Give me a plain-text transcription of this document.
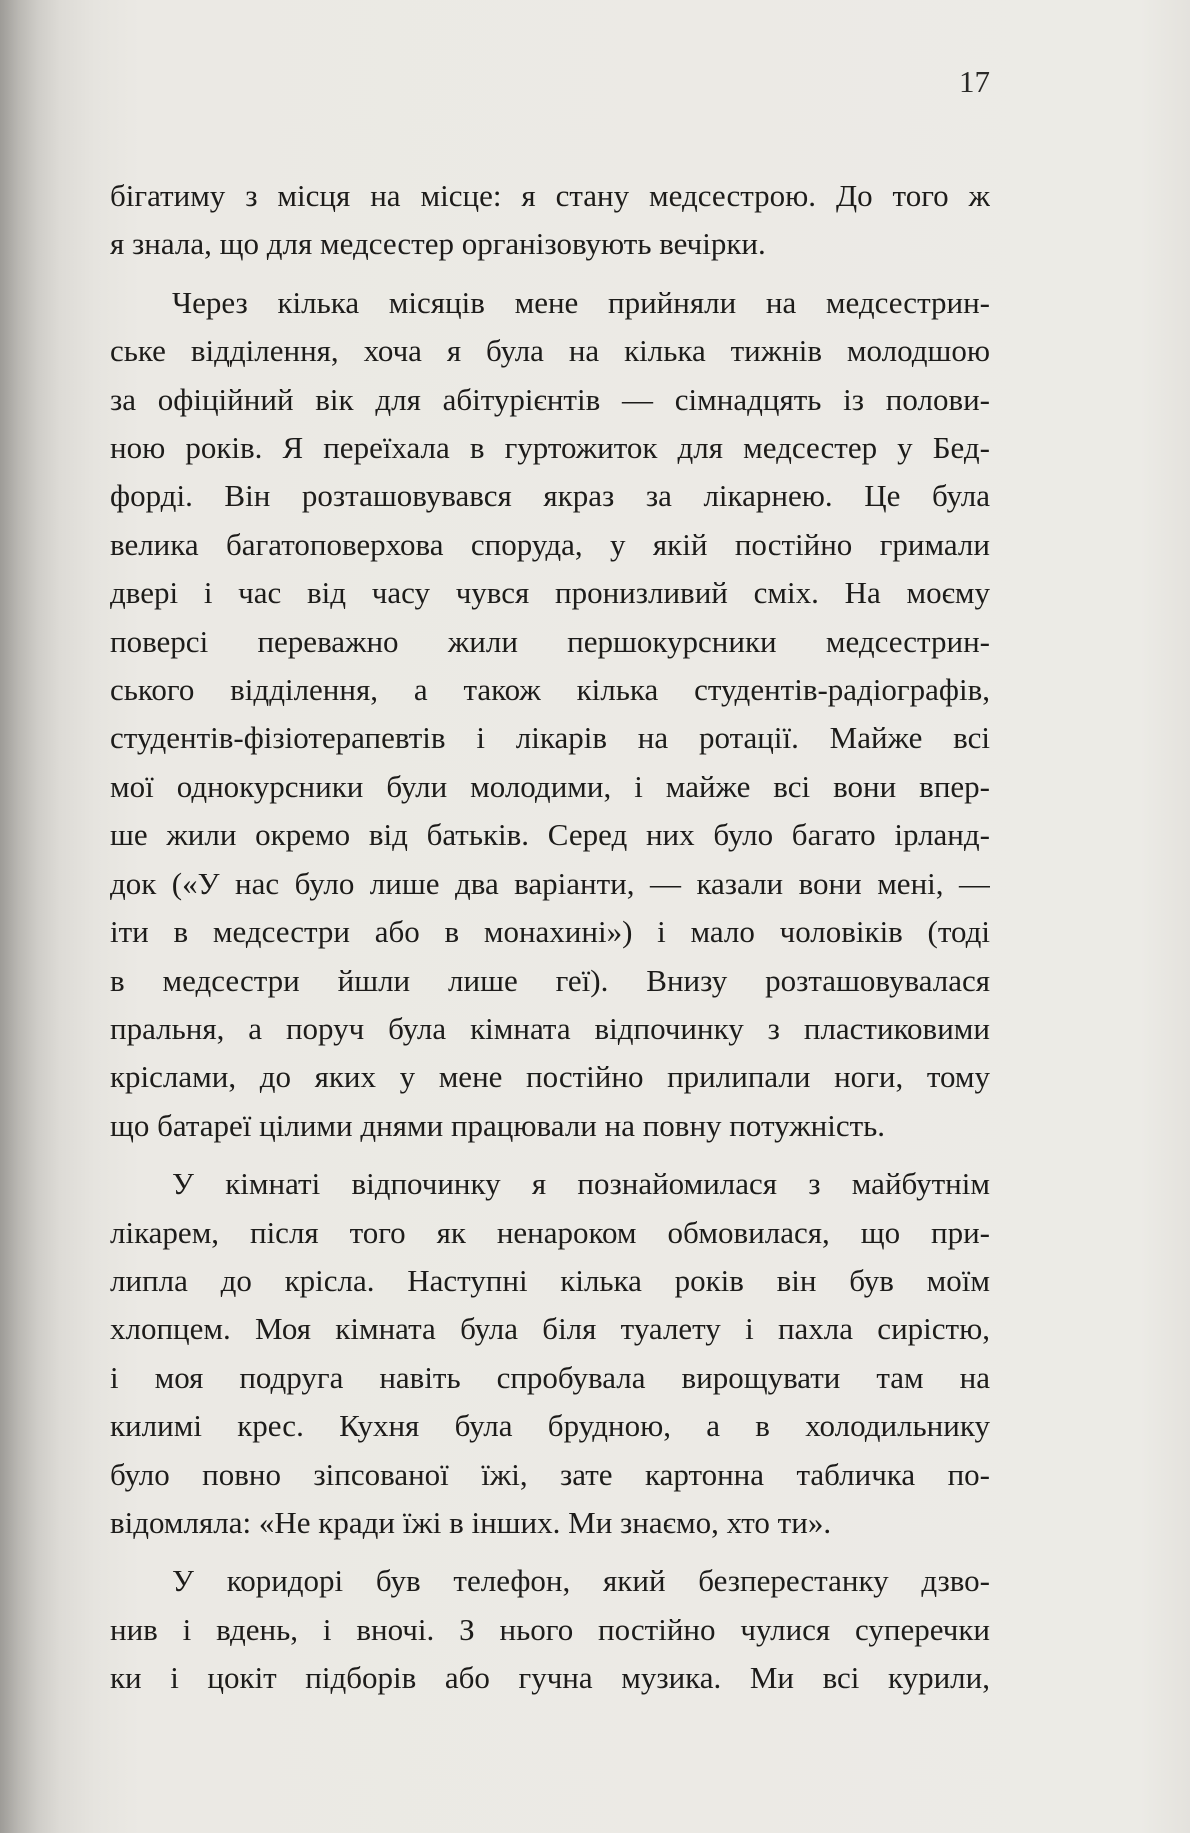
17

бігатиму з місця на місце: я стану медсестрою. До того ж
я знала, що для медсестер організовують вечірки.

Через кілька місяців мене прийняли на медсестрин-
ське відділення, хоча я була на кілька тижнів молодшою
за офіційний вік для абітурієнтів — сімнадцять із полови-
ною років. Я переїхала в гуртожиток для медсестер у Бед-
форді. Він розташовувався якраз за лікарнею. Це була
велика багатоповерхова споруда, у якій постійно гримали
двері і час від часу чувся пронизливий сміх. На моєму
поверсі переважно жили першокурсники медсестрин-
ського відділення, а також кілька студентів-радіографів,
студентів-фізіотерапевтів і лікарів на ротації. Майже всі
мої однокурсники були молодими, і майже всі вони впер-
ше жили окремо від батьків. Серед них було багато ірланд-
док («У нас було лише два варіанти, — казали вони мені, —
іти в медсестри або в монахині») і мало чоловіків (тоді
в медсестри йшли лише геї). Внизу розташовувалася
пральня, а поруч була кімната відпочинку з пластиковими
кріслами, до яких у мене постійно прилипали ноги, тому
що батареї цілими днями працювали на повну потужність.

У кімнаті відпочинку я познайомилася з майбутнім
лікарем, після того як ненароком обмовилася, що при-
липла до крісла. Наступні кілька років він був моїм
хлопцем. Моя кімната була біля туалету і пахла сирістю,
і моя подруга навіть спробувала вирощувати там на
килимі крес. Кухня була брудною, а в холодильнику
було повно зіпсованої їжі, зате картонна табличка по-
відомляла: «Не кради їжі в інших. Ми знаємо, хто ти».

У коридорі був телефон, який безперестанку дзво-
нив і вдень, і вночі. З нього постійно чулися суперечки
ки і цокіт підборів або гучна музика. Ми всі курили,
